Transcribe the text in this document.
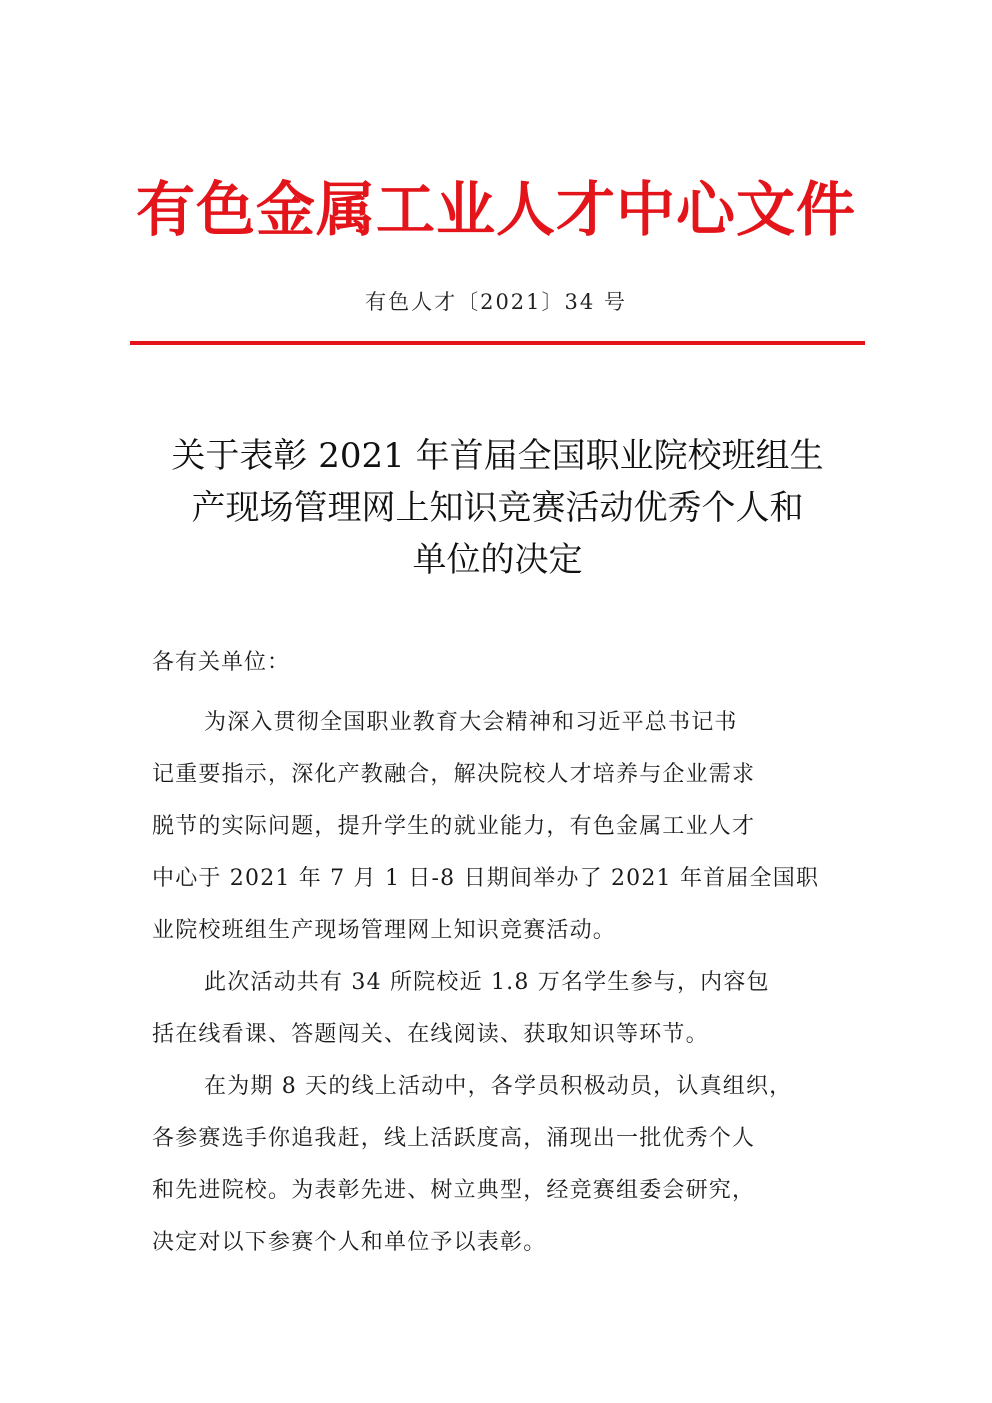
有色金属工业人才中心文件
有色人才〔2021〕34 号
关于表彰 2021 年首届全国职业院校班组生
产现场管理网上知识竞赛活动优秀个人和
单位的决定
各有关单位：
为深入贯彻全国职业教育大会精神和习近平总书记书
记重要指示，深化产教融合，解决院校人才培养与企业需求
脱节的实际问题，提升学生的就业能力，有色金属工业人才
中心于 2021 年 7 月 1 日-8 日期间举办了 2021 年首届全国职
业院校班组生产现场管理网上知识竞赛活动。
此次活动共有 34 所院校近 1.8 万名学生参与，内容包
括在线看课、答题闯关、在线阅读、获取知识等环节。
在为期 8 天的线上活动中，各学员积极动员，认真组织，
各参赛选手你追我赶，线上活跃度高，涌现出一批优秀个人
和先进院校。为表彰先进、树立典型，经竞赛组委会研究，
决定对以下参赛个人和单位予以表彰。
